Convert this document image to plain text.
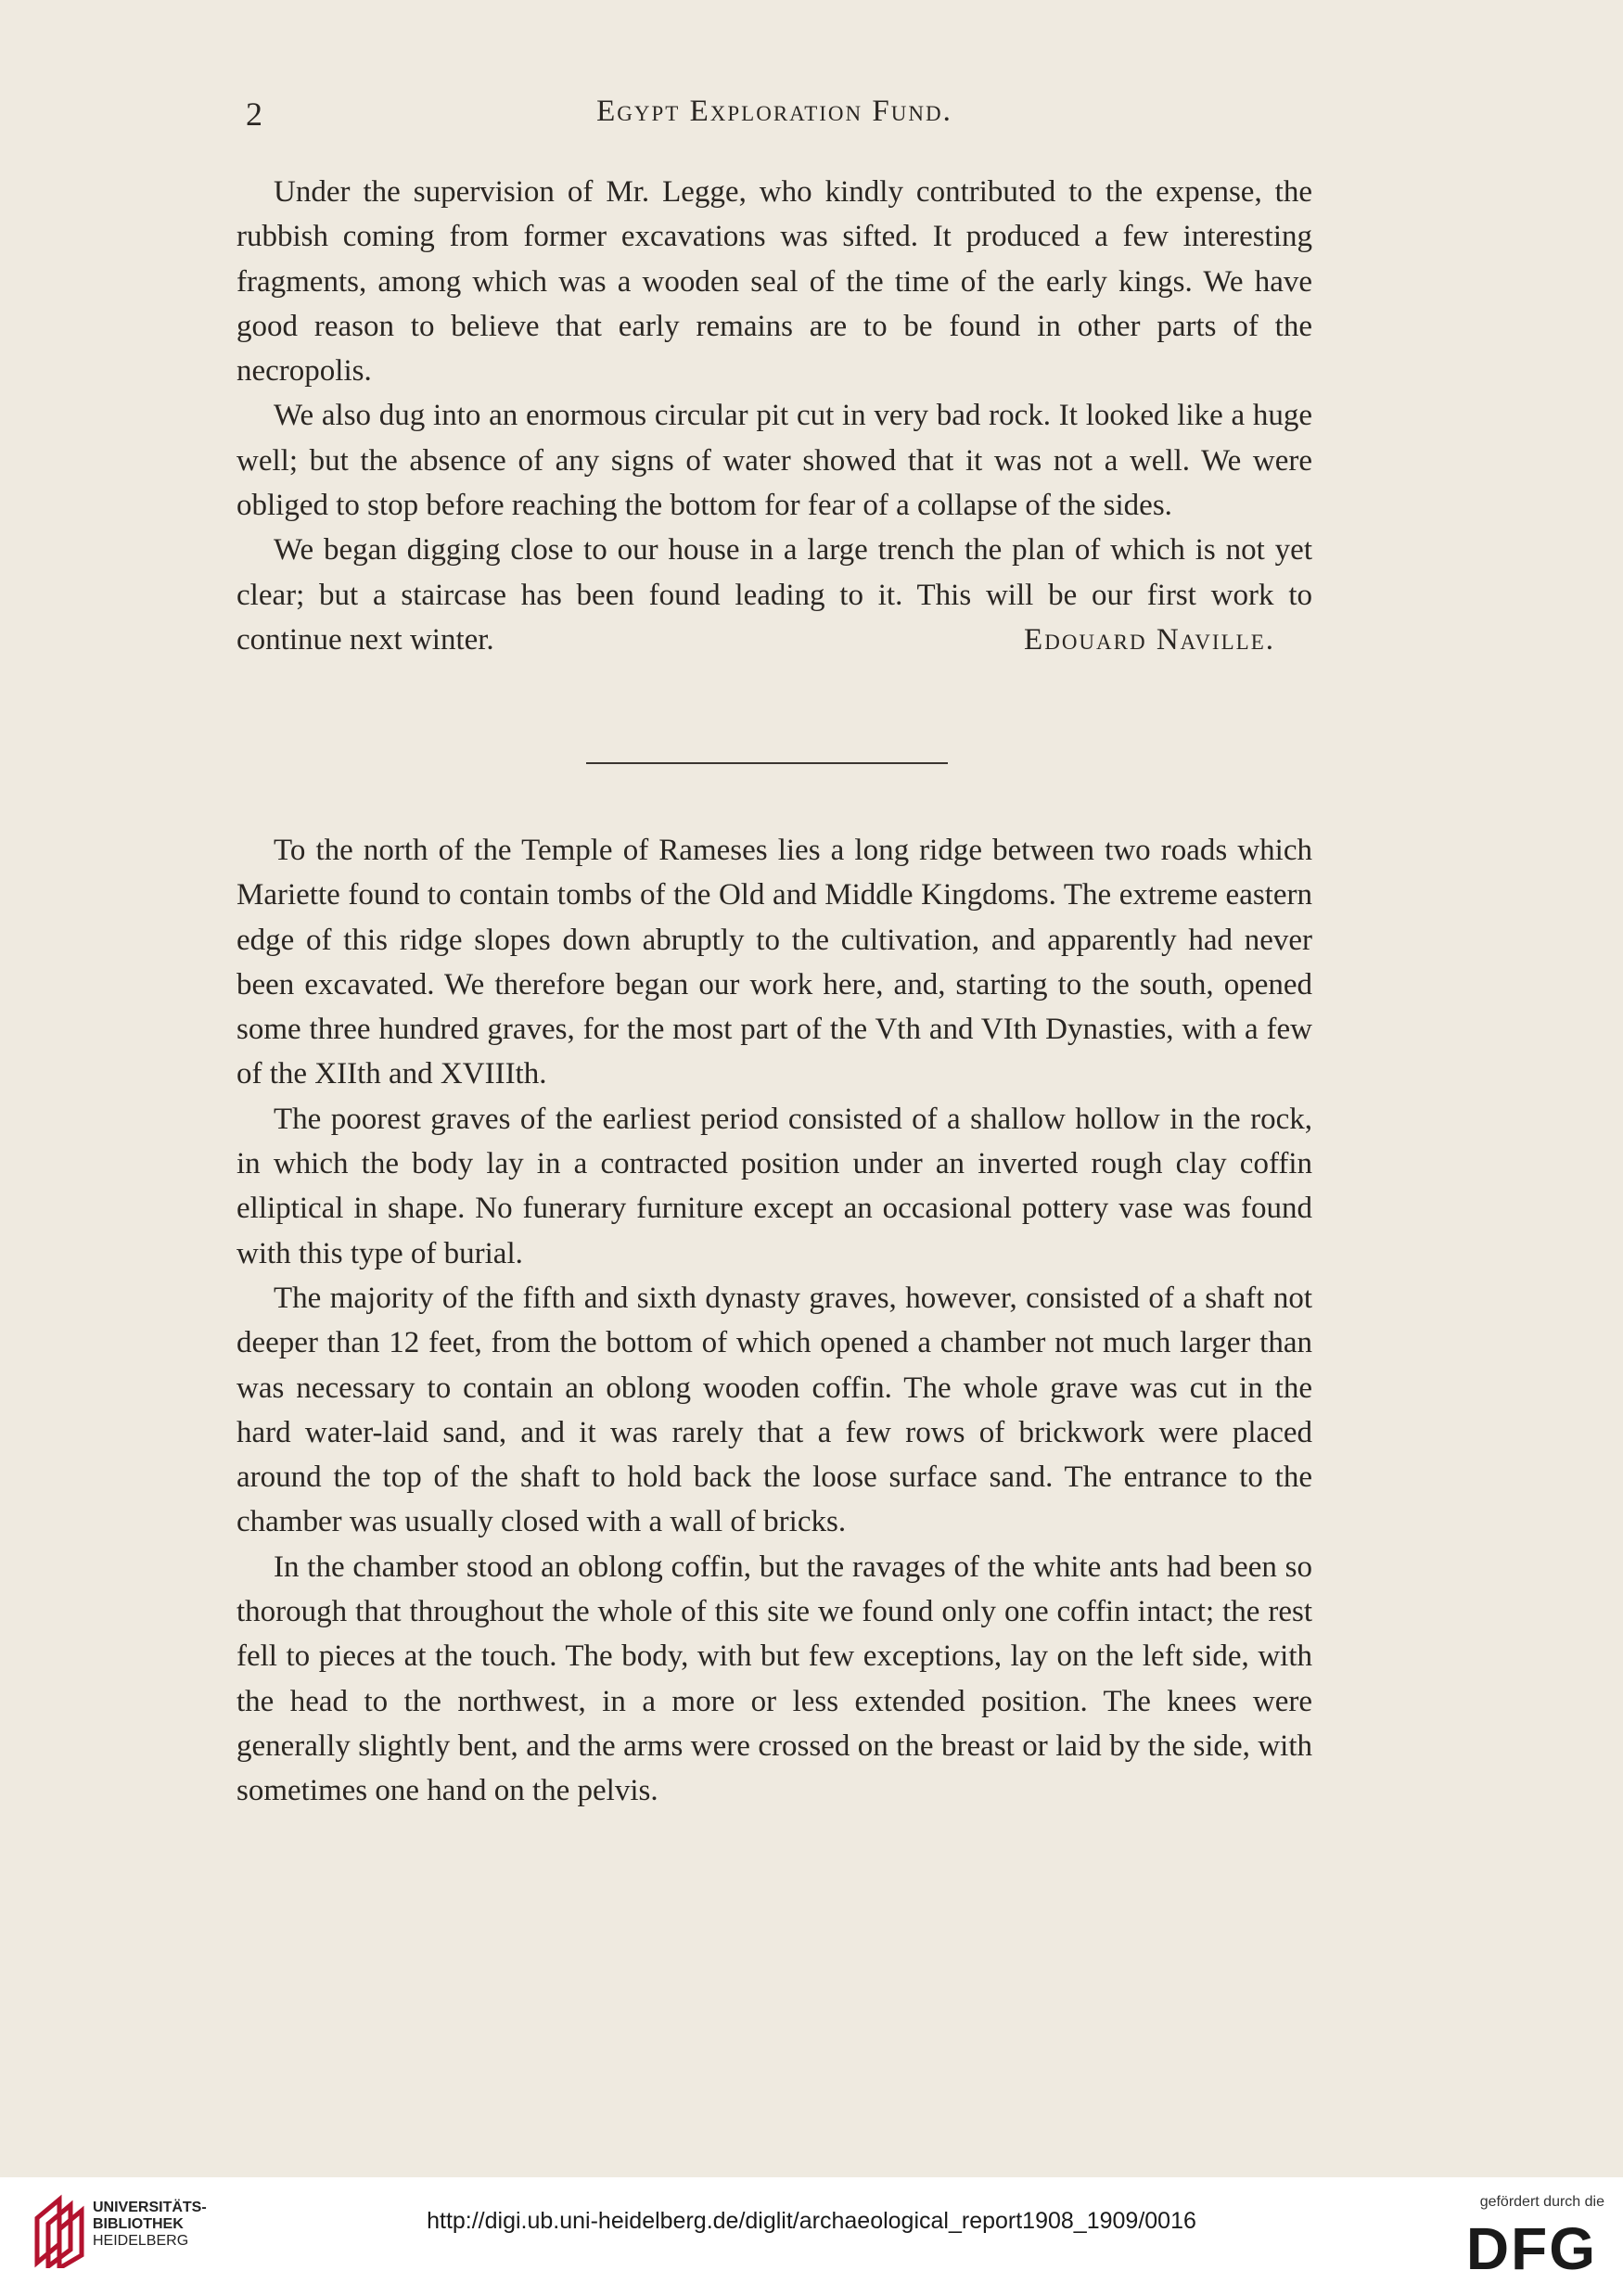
2	Egypt Exploration Fund.

Under the supervision of Mr. Legge, who kindly contributed to the expense, the rubbish coming from former excavations was sifted. It produced a few interesting fragments, among which was a wooden seal of the time of the early kings. We have good reason to believe that early remains are to be found in other parts of the necropolis.

We also dug into an enormous circular pit cut in very bad rock. It looked like a huge well; but the absence of any signs of water showed that it was not a well. We were obliged to stop before reaching the bottom for fear of a collapse of the sides.

We began digging close to our house in a large trench the plan of which is not yet clear; but a staircase has been found leading to it. This will be our first work to continue next winter.	Edouard Naville.

To the north of the Temple of Rameses lies a long ridge between two roads which Mariette found to contain tombs of the Old and Middle Kingdoms. The extreme eastern edge of this ridge slopes down abruptly to the cultivation, and apparently had never been excavated. We therefore began our work here, and, starting to the south, opened some three hundred graves, for the most part of the Vth and VIth Dynasties, with a few of the XIIth and XVIIIth.

The poorest graves of the earliest period consisted of a shallow hollow in the rock, in which the body lay in a contracted position under an inverted rough clay coffin elliptical in shape. No funerary furniture except an occasional pottery vase was found with this type of burial.

The majority of the fifth and sixth dynasty graves, however, consisted of a shaft not deeper than 12 feet, from the bottom of which opened a chamber not much larger than was necessary to contain an oblong wooden coffin. The whole grave was cut in the hard water-laid sand, and it was rarely that a few rows of brickwork were placed around the top of the shaft to hold back the loose surface sand. The entrance to the chamber was usually closed with a wall of bricks.

In the chamber stood an oblong coffin, but the ravages of the white ants had been so thorough that throughout the whole of this site we found only one coffin intact; the rest fell to pieces at the touch. The body, with but few exceptions, lay on the left side, with the head to the northwest, in a more or less extended position. The knees were generally slightly bent, and the arms were crossed on the breast or laid by the side, with sometimes one hand on the pelvis.

UNIVERSITÄTS-
BIBLIOTHEK
HEIDELBERG
http://digi.ub.uni-heidelberg.de/diglit/archaeological_report1908_1909/0016
gefördert durch die
DFG
